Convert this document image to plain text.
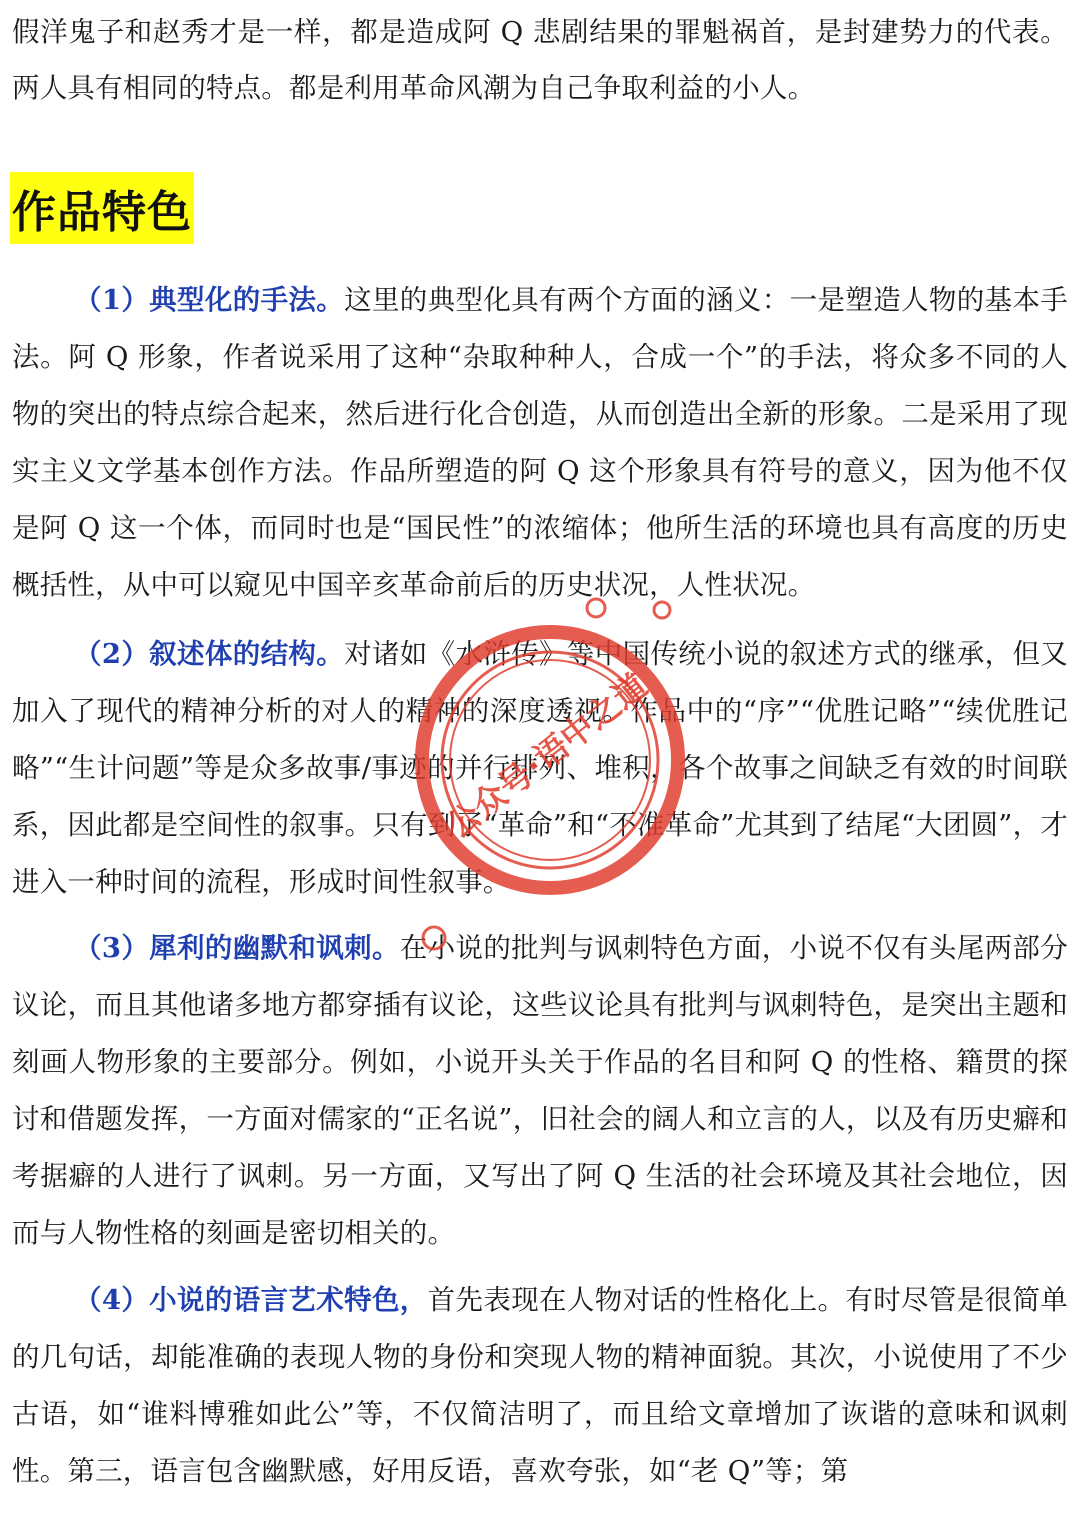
假洋鬼子和赵秀才是一样，都是造成阿 Q 悲剧结果的罪魁祸首，是封建势力的代表。两人具有相同的特点。都是利用革命风潮为自己争取利益的小人。

作品特色

（1）典型化的手法。这里的典型化具有两个方面的涵义：一是塑造人物的基本手法。阿 Q 形象，作者说采用了这种“杂取种种人，合成一个”的手法，将众多不同的人物的突出的特点综合起来，然后进行化合创造，从而创造出全新的形象。二是采用了现实主义文学基本创作方法。作品所塑造的阿 Q 这个形象具有符号的意义，因为他不仅是阿 Q 这一个体，而同时也是“国民性”的浓缩体；他所生活的环境也具有高度的历史概括性，从中可以窥见中国辛亥革命前后的历史状况，人性状况。

（2）叙述体的结构。对诸如《水浒传》等中国传统小说的叙述方式的继承，但又加入了现代的精神分析的对人的精神的深度透视。作品中的“序”“优胜记略”“续优胜记略”“生计问题”等是众多故事/事迹的并行排列、堆积，各个故事之间缺乏有效的时间联系，因此都是空间性的叙事。只有到了“革命”和“不准革命”尤其到了结尾“大团圆”，才进入一种时间的流程，形成时间性叙事。

（3）犀利的幽默和讽刺。在小说的批判与讽刺特色方面，小说不仅有头尾两部分议论，而且其他诸多地方都穿插有议论，这些议论具有批判与讽刺特色，是突出主题和刻画人物形象的主要部分。例如，小说开头关于作品的名目和阿 Q 的性格、籍贯的探讨和借题发挥，一方面对儒家的“正名说”，旧社会的阔人和立言的人，以及有历史癖和考据癖的人进行了讽刺。另一方面，又写出了阿 Q 生活的社会环境及其社会地位，因而与人物性格的刻画是密切相关的。

（4）小说的语言艺术特色，首先表现在人物对话的性格化上。有时尽管是很简单的几句话，却能准确的表现人物的身份和突现人物的精神面貌。其次，小说使用了不少古语，如“谁料博雅如此公”等，不仅简洁明了，而且给文章增加了诙谐的意味和讽刺性。第三，语言包含幽默感，好用反语，喜欢夸张，如“老 Q”等；第

公众号·语中之道
